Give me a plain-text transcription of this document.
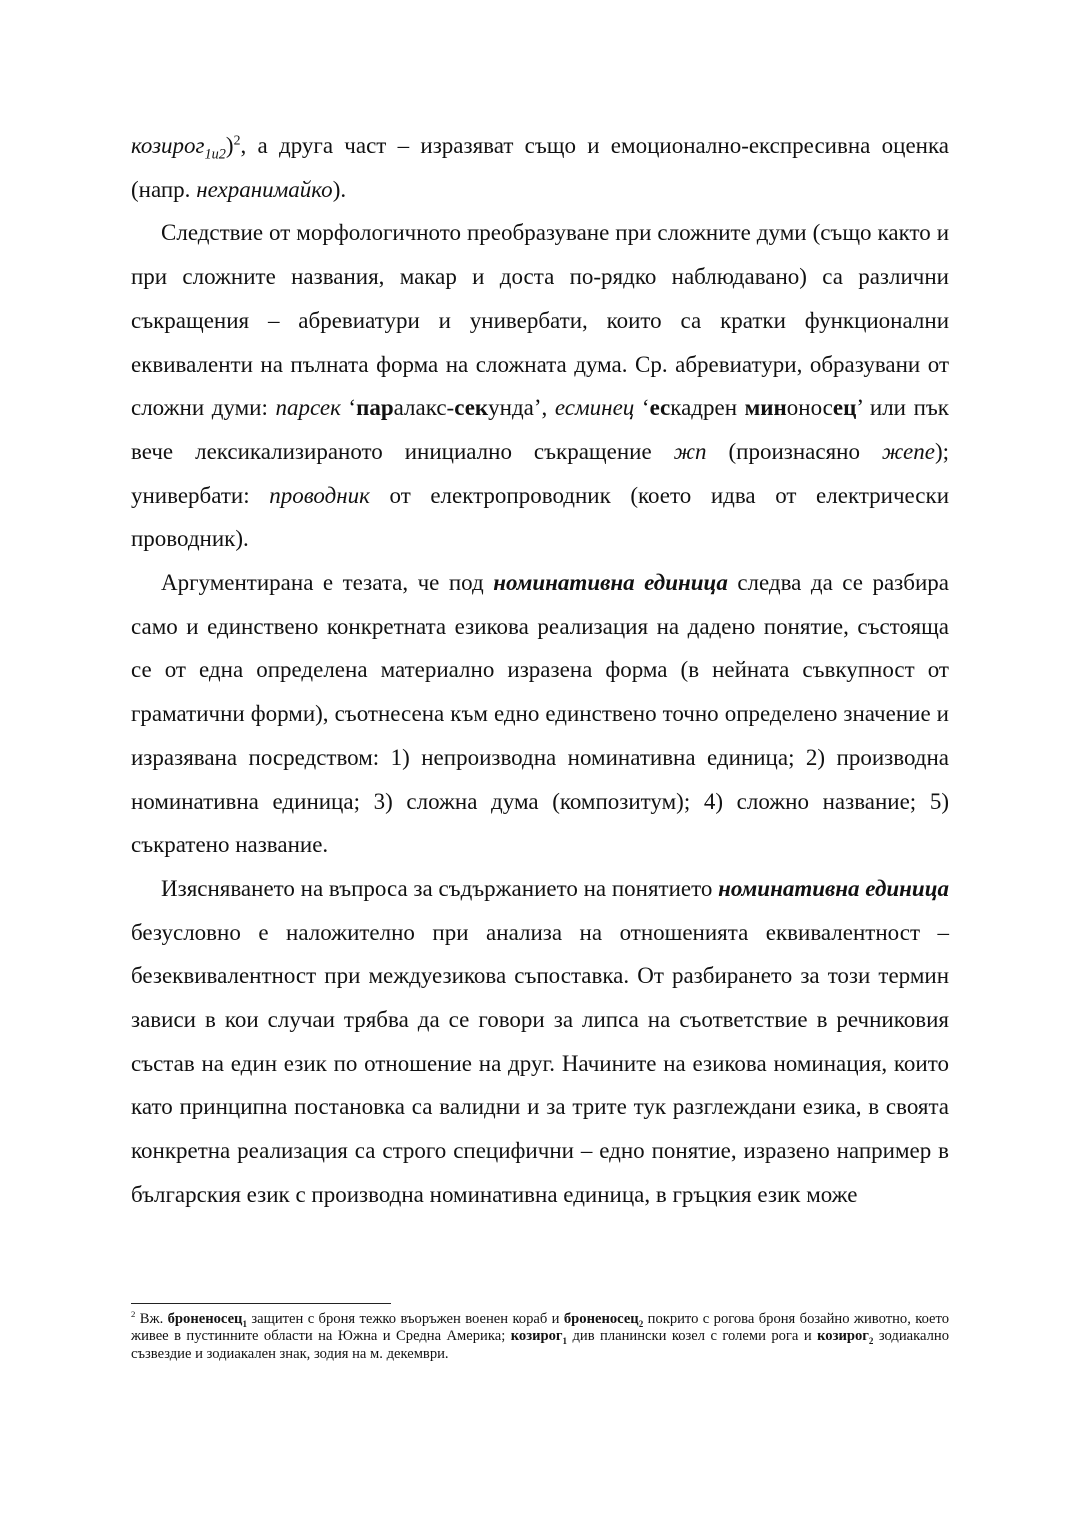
козирог$_{1и2}$)$^2$, а друга част – изразяват също и емоционално-експресивна оценка (напр. нехранимайко).

Следствие от морфологичното преобразуване при сложните думи (също както и при сложните названия, макар и доста по-рядко наблюдавано) са различни съкращения – абревиатури и универбати, които са кратки функционални еквиваленти на пълната форма на сложната дума. Ср. абревиатури, образувани от сложни думи: парсек ‘паралакс-секунда’, есминец ‘ескадрен миноносец’ или пък вече лексикализираното инициално съкращение жп (произнасяно жепе); универбати: проводник от електропроводник (което идва от електрически проводник).

Аргументирана е тезата, че под номинативна единица следва да се разбира само и единствено конкретната езикова реализация на дадено понятие, състояща се от една определена материално изразена форма (в нейната съвкупност от граматични форми), съотнесена към едно единствено точно определено значение и изразявана посредством: 1) непроизводна номинативна единица; 2) производна номинативна единица; 3) сложна дума (композитум); 4) сложно название; 5) съкратено название.

Изясняването на въпроса за съдържанието на понятието номинативна единица безусловно е наложително при анализа на отношенията еквивалентност – безеквивалентност при междуезикова съпоставка. От разбирането за този термин зависи в кои случаи трябва да се говори за липса на съответствие в речниковия състав на един език по отношение на друг. Начините на езикова номинация, които като принципна постановка са валидни и за трите тук разглеждани езика, в своята конкретна реализация са строго специфични – едно понятие, изразено например в българския език с производна номинативна единица, в гръцкия език може

$^2$ Вж. броненосец$_1$ защитен с броня тежко въоръжен военен кораб и броненосец$_2$ покрито с рогова броня бозайно животно, което живее в пустинните области на Южна и Средна Америка; козирог$_1$ див планински козел с големи рога и козирог$_2$ зодиакално съзвездие и зодиакален знак, зодия на м. декември.
